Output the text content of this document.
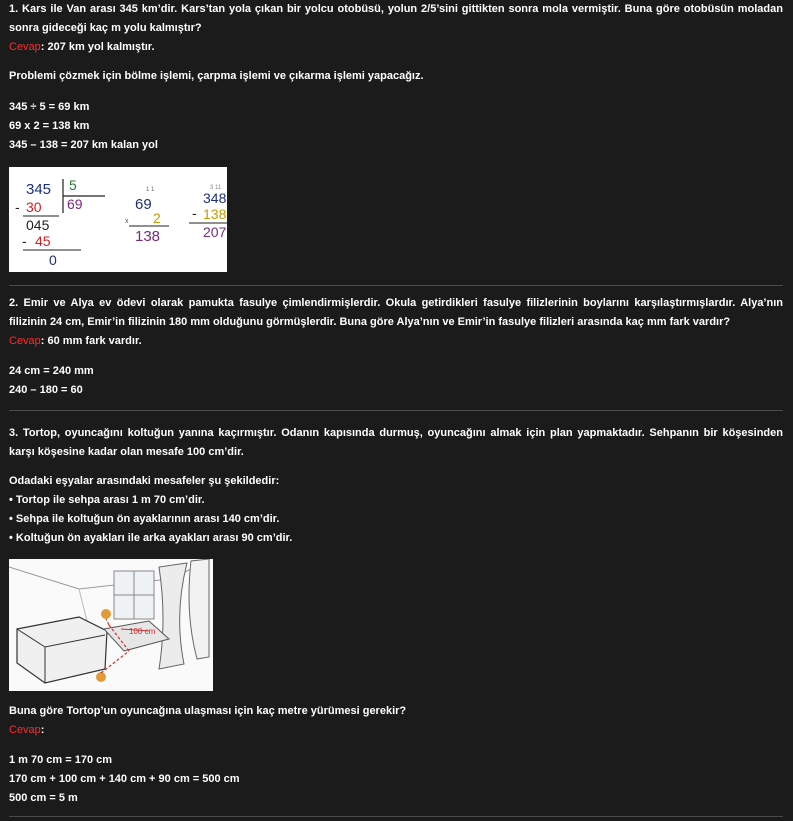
1. Kars ile Van arası 345 km’dir. Kars’tan yola çıkan bir yolcu otobüsü, yolun 2/5’sini gittikten sonra mola vermiştir. Buna göre otobüsün moladan sonra gideceği kaç m yolu kalmıştır?
Cevap: 207 km yol kalmıştır.
Problemi çözmek için bölme işlemi, çarpma işlemi ve çıkarma işlemi yapacağız.
345 ÷ 5 = 69 km
69 x 2 = 138 km
345 – 138 = 207 km kalan yol
345 5
69
- 30
045
- 45
0
1 1
69
x 2
138
3 11
348
- 138
207
2. Emir ve Alya ev ödevi olarak pamukta fasulye çimlendirmişlerdir. Okula getirdikleri fasulye filizlerinin boylarını karşılaştırmışlardır. Alya’nın filizinin 24 cm, Emir’in filizinin 180 mm olduğunu görmüşlerdir. Buna göre Alya’nın ve Emir’in fasulye filizleri arasında kaç mm fark vardır?
Cevap: 60 mm fark vardır.
24 cm = 240 mm
240 – 180 = 60
3. Tortop, oyuncağını koltuğun yanına kaçırmıştır. Odanın kapısında durmuş, oyuncağını almak için plan yapmaktadır. Sehpanın bir köşesinden karşı köşesine kadar olan mesafe 100 cm’dir.
Odadaki eşyalar arasındaki mesafeler şu şekildedir:
• Tortop ile sehpa arası 1 m 70 cm’dir.
• Sehpa ile koltuğun ön ayaklarının arası 140 cm’dir.
• Koltuğun ön ayakları ile arka ayakları arası 90 cm’dir.
100 cm
Buna göre Tortop’un oyuncağına ulaşması için kaç metre yürümesi gerekir?
Cevap:
1 m 70 cm = 170 cm
170 cm + 100 cm + 140 cm + 90 cm = 500 cm
500 cm = 5 m
